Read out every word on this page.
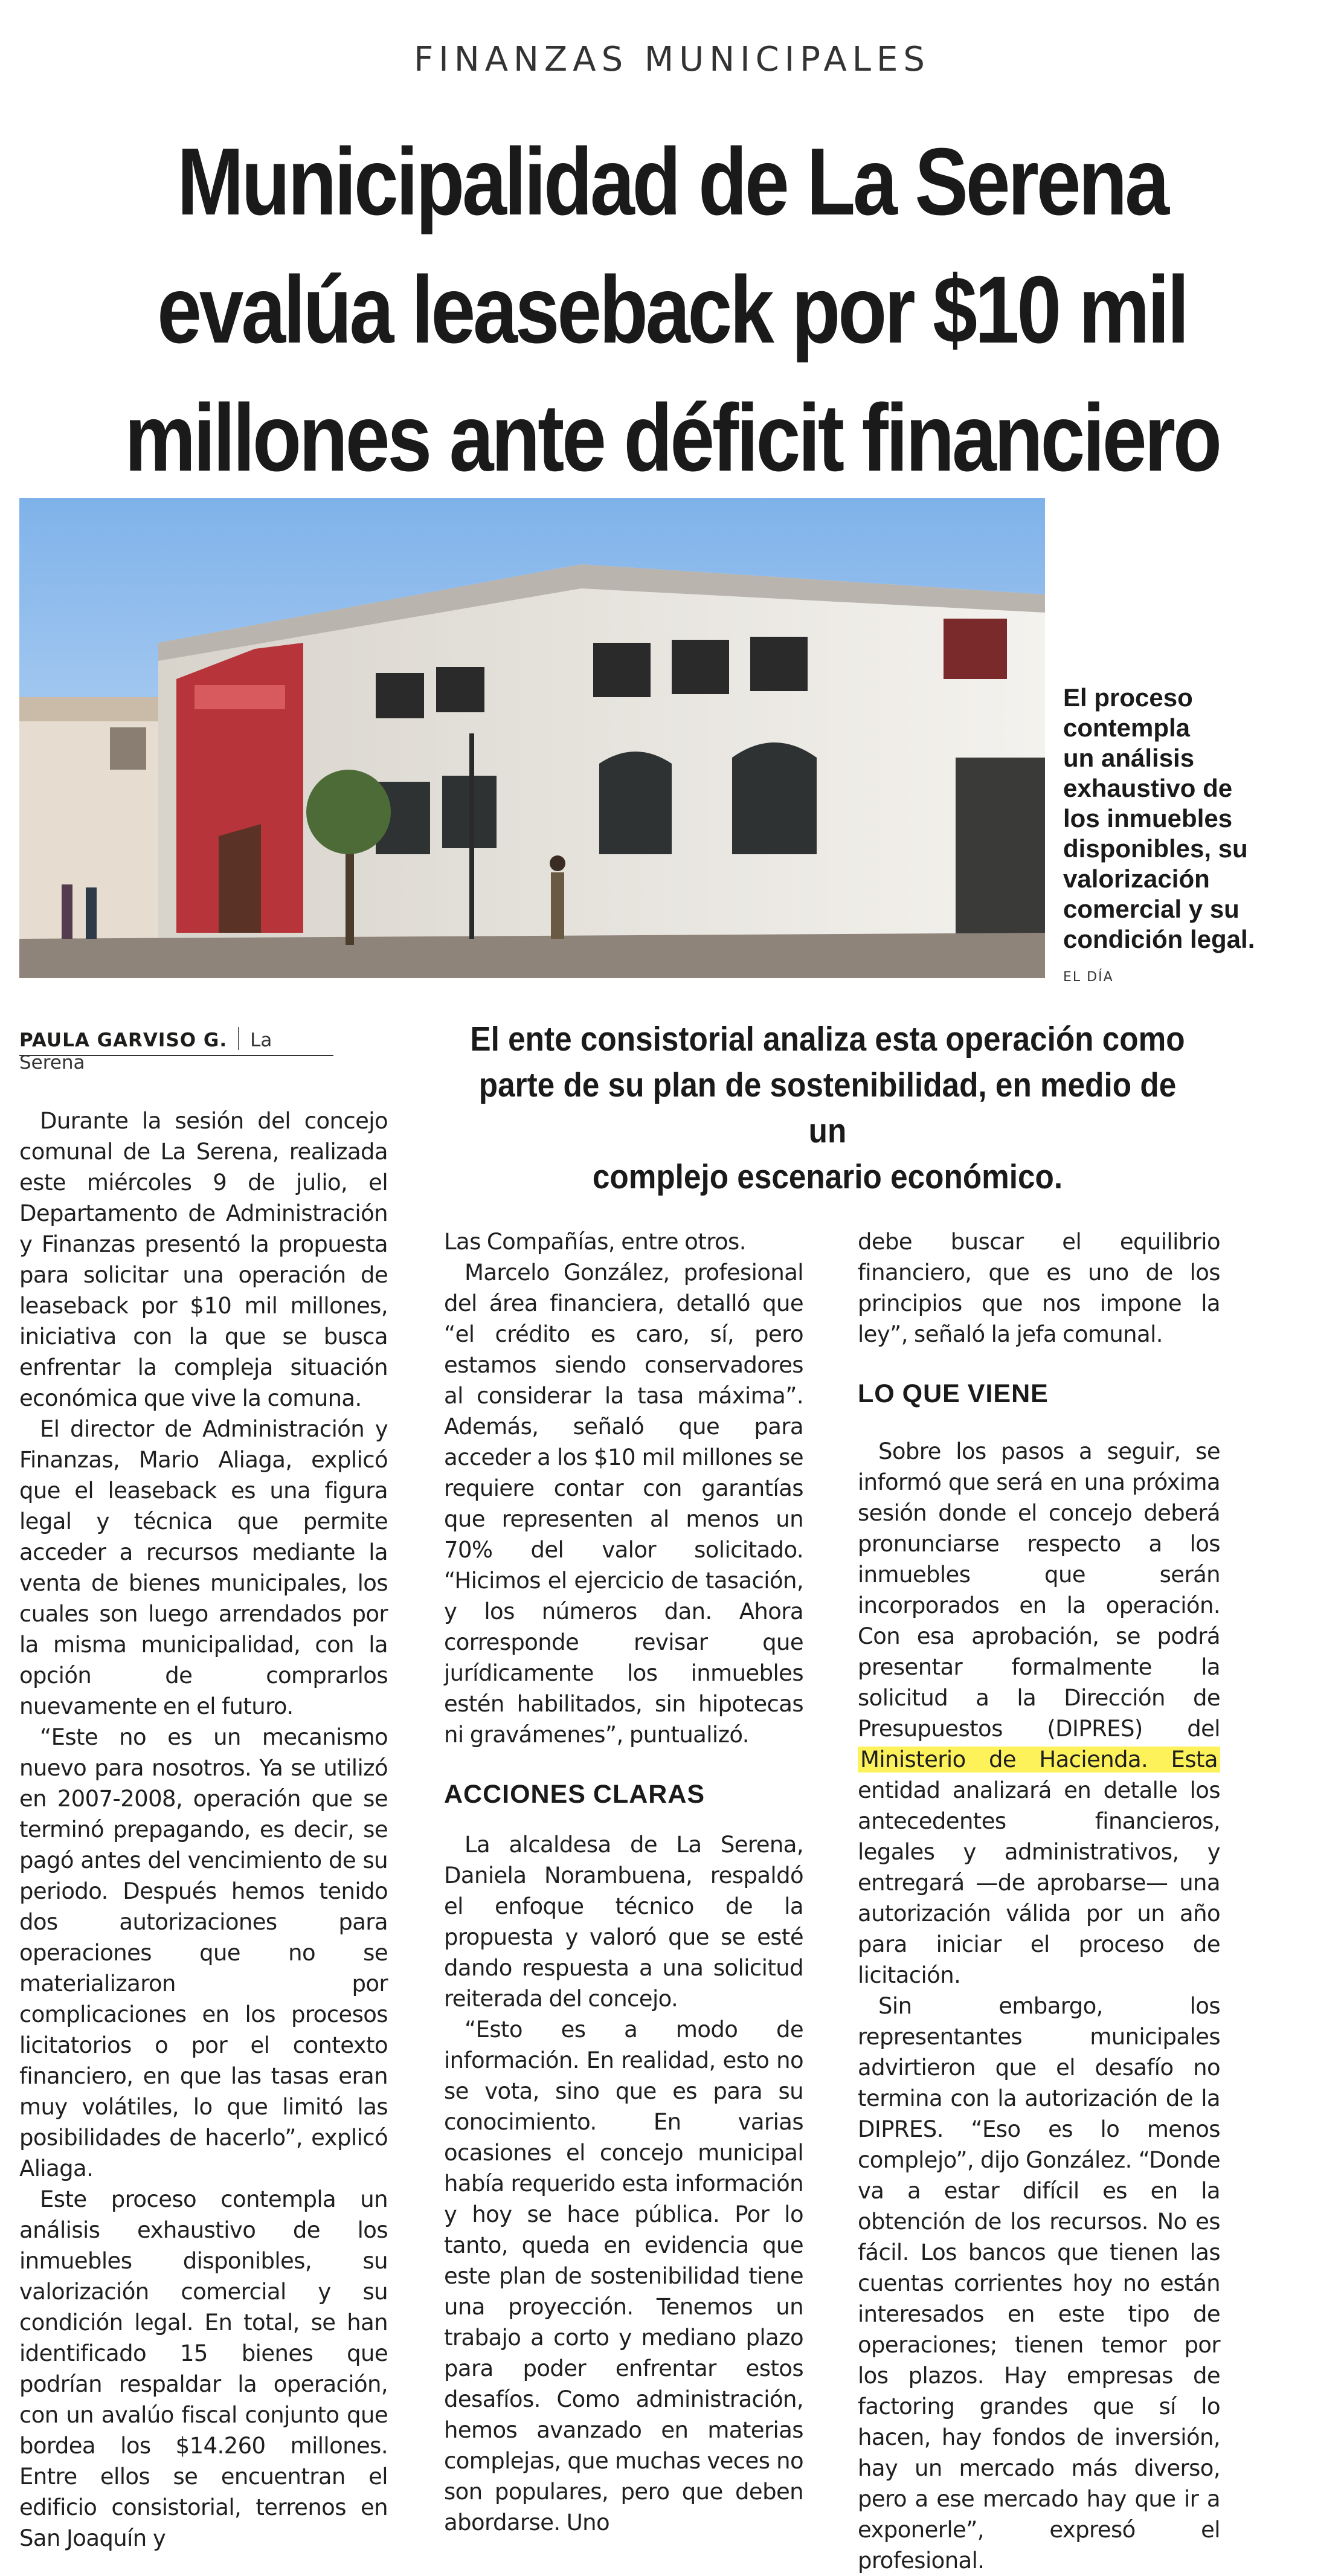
FINANZAS MUNICIPALES
Municipalidad de La Serena
evalúa leaseback por $10 mil
millones ante déficit financiero
El proceso
contempla
un análisis
exhaustivo de
los inmuebles
disponibles, su
valorización
comercial y su
condición legal.
EL DÍA
PAULA GARVISO G. La Serena
El ente consistorial analiza esta operación como
parte de su plan de sostenibilidad, en medio de un
complejo escenario económico.

Durante la sesión del concejo comunal de La Serena, realizada este miércoles 9 de julio, el Departamento de Administración y Finanzas presentó la propuesta para solicitar una operación de leaseback por $10 mil millones, iniciativa con la que se busca enfrentar la compleja situación económica que vive la comuna.

El director de Administración y Finanzas, Mario Aliaga, explicó que el leaseback es una figura legal y técnica que permite acceder a recursos mediante la venta de bienes municipales, los cuales son luego arrendados por la misma municipalidad, con la opción de comprarlos nuevamente en el futuro.

“Este no es un mecanismo nuevo para nosotros. Ya se utilizó en 2007-2008, operación que se terminó prepagando, es decir, se pagó antes del vencimiento de su periodo. Después hemos tenido dos autorizaciones para operaciones que no se materializaron por complicaciones en los procesos licitatorios o por el contexto financiero, en que las tasas eran muy volátiles, lo que limitó las posibilidades de hacerlo”, explicó Aliaga.

Este proceso contempla un análisis exhaustivo de los inmuebles disponibles, su valorización comercial y su condición legal. En total, se han identificado 15 bienes que podrían respaldar la operación, con un avalúo fiscal conjunto que bordea los $14.260 millones. Entre ellos se encuentran el edificio consistorial, terrenos en San Joaquín y

Las Compañías, entre otros.

Marcelo González, profesional del área financiera, detalló que “el crédito es caro, sí, pero estamos siendo conservadores al considerar la tasa máxima”. Además, señaló que para acceder a los $10 mil millones se requiere contar con garantías que representen al menos un 70% del valor solicitado. “Hicimos el ejercicio de tasación, y los números dan. Ahora corresponde revisar que jurídicamente los inmuebles estén habilitados, sin hipotecas ni gravámenes”, puntualizó.

ACCIONES CLARAS

La alcaldesa de La Serena, Daniela Norambuena, respaldó el enfoque técnico de la propuesta y valoró que se esté dando respuesta a una solicitud reiterada del concejo.

“Esto es a modo de información. En realidad, esto no se vota, sino que es para su conocimiento. En varias ocasiones el concejo municipal había requerido esta información y hoy se hace pública. Por lo tanto, queda en evidencia que este plan de sostenibilidad tiene una proyección. Tenemos un trabajo a corto y mediano plazo para poder enfrentar estos desafíos. Como administración, hemos avanzado en materias complejas, que muchas veces no son populares, pero que deben abordarse. Uno

debe buscar el equilibrio financiero, que es uno de los principios que nos impone la ley”, señaló la jefa comunal.

LO QUE VIENE

Sobre los pasos a seguir, se informó que será en una próxima sesión donde el concejo deberá pronunciarse respecto a los inmuebles que serán incorporados en la operación. Con esa aprobación, se podrá presentar formalmente la solicitud a la Dirección de Presupuestos (DIPRES) del Ministerio de Hacienda. Esta entidad analizará en detalle los antecedentes financieros, legales y administrativos, y entregará —de aprobarse— una autorización válida por un año para iniciar el proceso de licitación.

Sin embargo, los representantes municipales advirtieron que el desafío no termina con la autorización de la DIPRES. “Eso es lo menos complejo”, dijo González. “Donde va a estar difícil es en la obtención de los recursos. No es fácil. Los bancos que tienen las cuentas corrientes hoy no están interesados en este tipo de operaciones; tienen temor por los plazos. Hay empresas de factoring grandes que sí lo hacen, hay fondos de inversión, hay un mercado más diverso, pero a ese mercado hay que ir a exponerle”, expresó el profesional.
